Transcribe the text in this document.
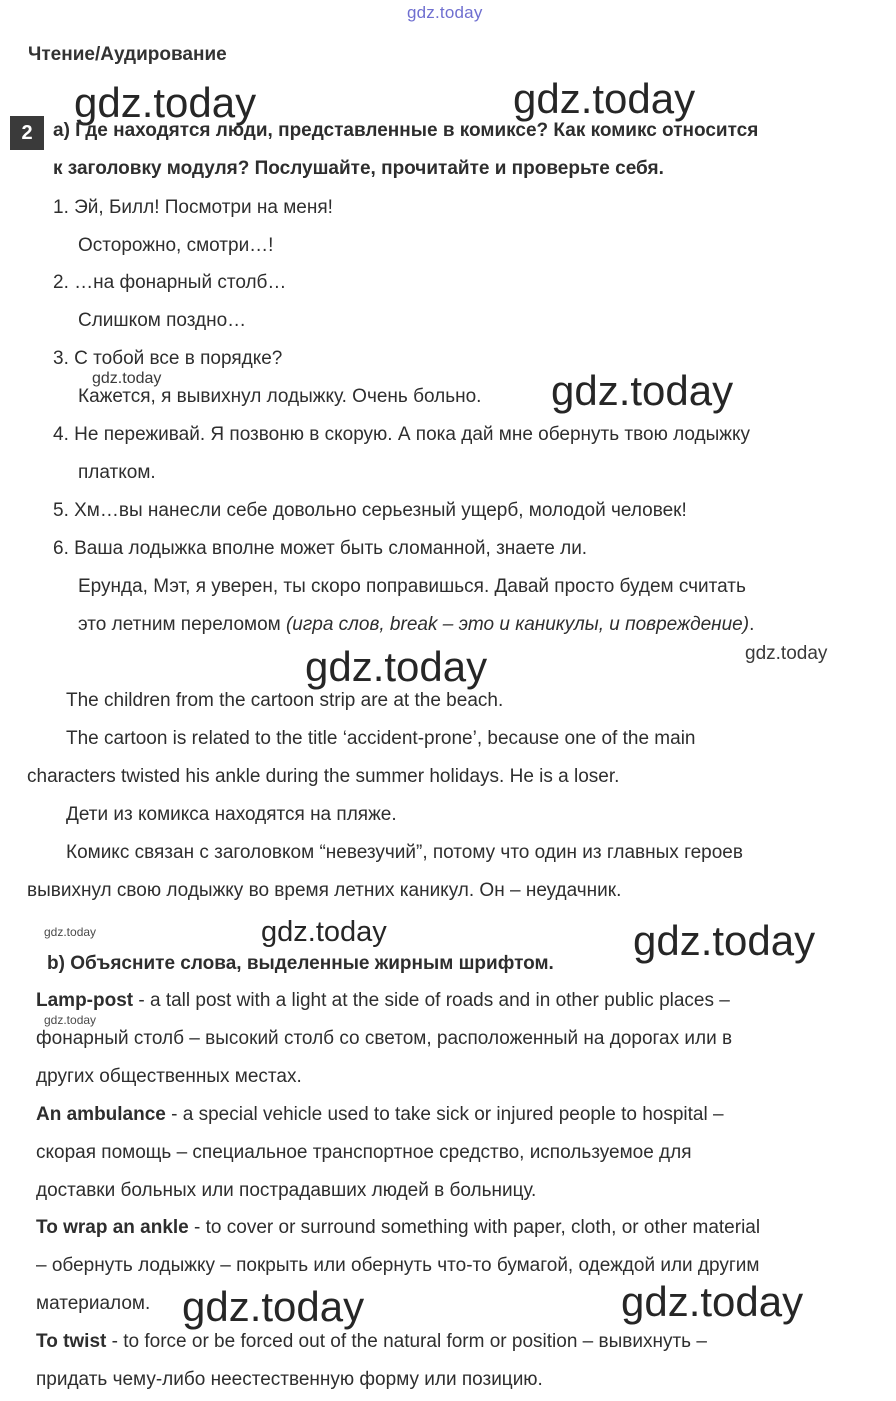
gdz.today
gdz.today	gdz.today
gdz.today	gdz.today
gdz.today	gdz.today
gdz.today	gdz.today	gdz.today
gdz.today
gdz.today	gdz.today
Чтение/Аудирование
2	a) Где находятся люди, представленные в комиксе? Как комикс относится
к заголовку модуля? Послушайте, прочитайте и проверьте себя.
1. Эй, Билл! Посмотри на меня!
Осторожно, смотри…!
2. …на фонарный столб…
Слишком поздно…
3. С тобой все в порядке?
Кажется, я вывихнул лодыжку. Очень больно.
4. Не переживай. Я позвоню в скорую. А пока дай мне обернуть твою лодыжку
платком.
5. Хм…вы нанесли себе довольно серьезный ущерб, молодой человек!
6. Ваша лодыжка вполне может быть сломанной, знаете ли.
Ерунда, Мэт, я уверен, ты скоро поправишься. Давай просто будем считать
это летним переломом (игра слов, break – это и каникулы, и повреждение).
The children from the cartoon strip are at the beach.
The cartoon is related to the title ‘accident-prone’, because one of the main
characters twisted his ankle during the summer holidays. He is a loser.
Дети из комикса находятся на пляже.
Комикс связан с заголовком “невезучий”, потому что один из главных героев
вывихнул свою лодыжку во время летних каникул. Он – неудачник.
b) Объясните слова, выделенные жирным шрифтом.
Lamp-post - a tall post with a light at the side of roads and in other public places –
фонарный столб – высокий столб со светом, расположенный на дорогах или в
других общественных местах.
An ambulance - a special vehicle used to take sick or injured people to hospital –
скорая помощь – специальное транспортное средство, используемое для
доставки больных или пострадавших людей в больницу.
To wrap an ankle - to cover or surround something with paper, cloth, or other material
– обернуть лодыжку – покрыть или обернуть что-то бумагой, одеждой или другим
материалом.
To twist - to force or be forced out of the natural form or position – вывихнуть –
придать чему-либо неестественную форму или позицию.
